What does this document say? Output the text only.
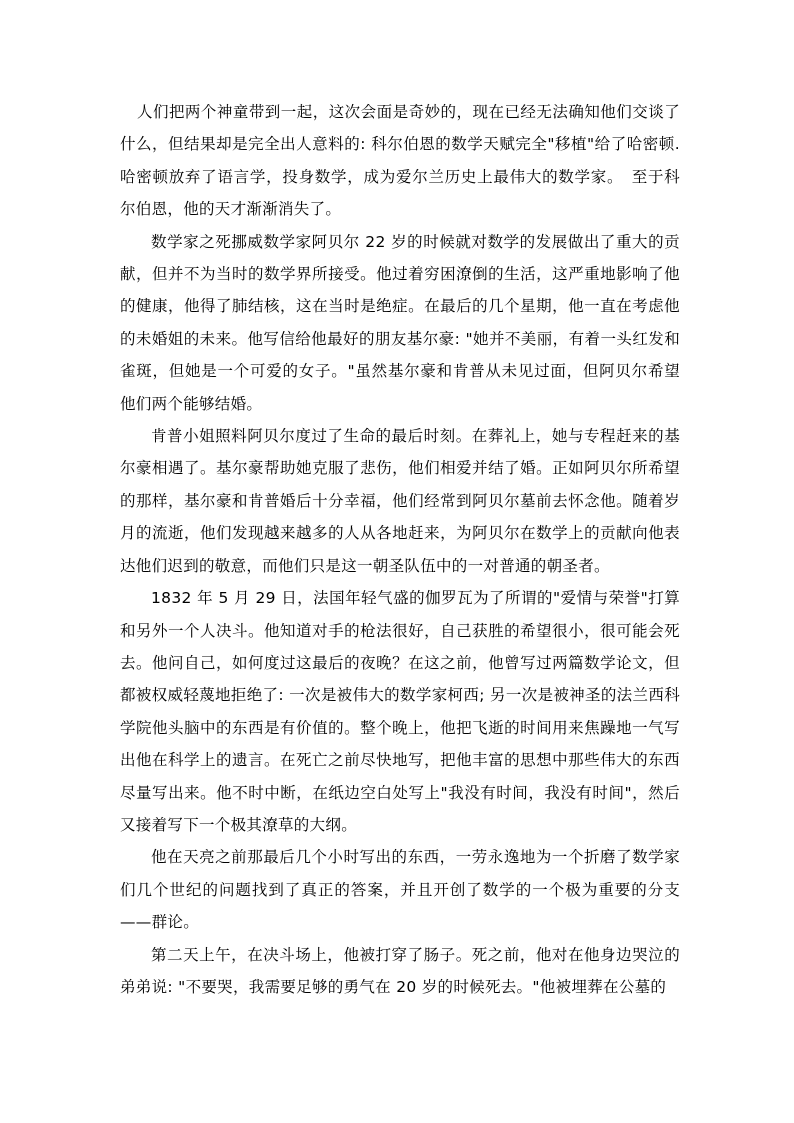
人们把两个神童带到一起，这次会面是奇妙的，现在已经无法确知他们交谈了什么，但结果却是完全出人意料的: 科尔伯恩的数学天赋完全"移植"给了哈密顿. 哈密顿放弃了语言学，投身数学，成为爱尔兰历史上最伟大的数学家。　至于科尔伯恩，他的天才渐渐消失了。

数学家之死挪威数学家阿贝尔 22 岁的时候就对数学的发展做出了重大的贡献，但并不为当时的数学界所接受。他过着穷困潦倒的生活，这严重地影响了他的健康，他得了肺结核，这在当时是绝症。在最后的几个星期，他一直在考虑他的未婚姐的未来。他写信给他最好的朋友基尔豪: "她并不美丽，有着一头红发和雀斑，但她是一个可爱的女子。"虽然基尔豪和肯普从未见过面，但阿贝尔希望他们两个能够结婚。

肯普小姐照料阿贝尔度过了生命的最后时刻。在葬礼上，她与专程赶来的基尔豪相遇了。基尔豪帮助她克服了悲伤，他们相爱并结了婚。正如阿贝尔所希望的那样，基尔豪和肯普婚后十分幸福，他们经常到阿贝尔墓前去怀念他。随着岁月的流逝，他们发现越来越多的人从各地赶来，为阿贝尔在数学上的贡献向他表达他们迟到的敬意，而他们只是这一朝圣队伍中的一对普通的朝圣者。

1832 年 5 月 29 日，法国年轻气盛的伽罗瓦为了所谓的"爱情与荣誉"打算和另外一个人决斗。他知道对手的枪法很好，自己获胜的希望很小，很可能会死去。他问自己，如何度过这最后的夜晚？在这之前，他曾写过两篇数学论文，但都被权威轻蔑地拒绝了: 一次是被伟大的数学家柯西; 另一次是被神圣的法兰西科学院他头脑中的东西是有价值的。整个晚上，他把飞逝的时间用来焦躁地一气写出他在科学上的遗言。在死亡之前尽快地写，把他丰富的思想中那些伟大的东西尽量写出来。他不时中断，在纸边空白处写上"我没有时间，我没有时间"，然后又接着写下一个极其潦草的大纲。

他在天亮之前那最后几个小时写出的东西，一劳永逸地为一个折磨了数学家们几个世纪的问题找到了真正的答案，并且开创了数学的一个极为重要的分支——群论。

第二天上午，在决斗场上，他被打穿了肠子。死之前，他对在他身边哭泣的弟弟说: "不要哭，我需要足够的勇气在 20 岁的时候死去。"他被埋葬在公墓的
